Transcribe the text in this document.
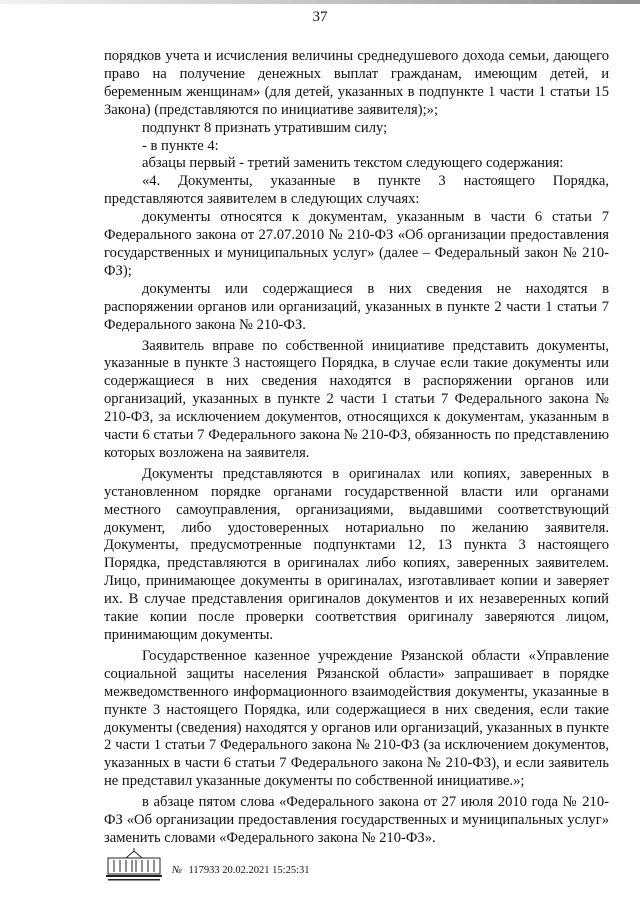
37

порядков учета и исчисления величины среднедушевого дохода семьи, дающего право на получение денежных выплат гражданам, имеющим детей, и беременным женщинам» (для детей, указанных в подпункте 1 части 1 статьи 15 Закона) (представляются по инициативе заявителя);»;

подпункт 8 признать утратившим силу;

- в пункте 4:

абзацы первый - третий заменить текстом следующего содержания:

«4. Документы, указанные в пункте 3 настоящего Порядка, представляются заявителем в следующих случаях:

документы относятся к документам, указанным в части 6 статьи 7 Федерального закона от 27.07.2010 № 210-ФЗ «Об организации предоставления государственных и муниципальных услуг» (далее – Федеральный закон № 210-ФЗ);

документы или содержащиеся в них сведения не находятся в распоряжении органов или организаций, указанных в пункте 2 части 1 статьи 7 Федерального закона № 210-ФЗ.

Заявитель вправе по собственной инициативе представить документы, указанные в пункте 3 настоящего Порядка, в случае если такие документы или содержащиеся в них сведения находятся в распоряжении органов или организаций, указанных в пункте 2 части 1 статьи 7 Федерального закона № 210-ФЗ, за исключением документов, относящихся к документам, указанным в части 6 статьи 7 Федерального закона № 210-ФЗ, обязанность по представлению которых возложена на заявителя.

Документы представляются в оригиналах или копиях, заверенных в установленном порядке органами государственной власти или органами местного самоуправления, организациями, выдавшими соответствующий документ, либо удостоверенных нотариально по желанию заявителя. Документы, предусмотренные подпунктами 12, 13 пункта 3 настоящего Порядка, представляются в оригиналах либо копиях, заверенных заявителем. Лицо, принимающее документы в оригиналах, изготавливает копии и заверяет их. В случае представления оригиналов документов и их незаверенных копий такие копии после проверки соответствия оригиналу заверяются лицом, принимающим документы.

Государственное казенное учреждение Рязанской области «Управление социальной защиты населения Рязанской области» запрашивает в порядке межведомственного информационного взаимодействия документы, указанные в пункте 3 настоящего Порядка, или содержащиеся в них сведения, если такие документы (сведения) находятся у органов или организаций, указанных в пункте 2 части 1 статьи 7 Федерального закона № 210-ФЗ (за исключением документов, указанных в части 6 статьи 7 Федерального закона № 210-ФЗ), и если заявитель не представил указанные документы по собственной инициативе.»;

в абзаце пятом слова «Федерального закона от 27 июля 2010 года № 210-ФЗ «Об организации предоставления государственных и муниципальных услуг» заменить словами «Федерального закона № 210-ФЗ».

№ 117933 20.02.2021 15:25:31
